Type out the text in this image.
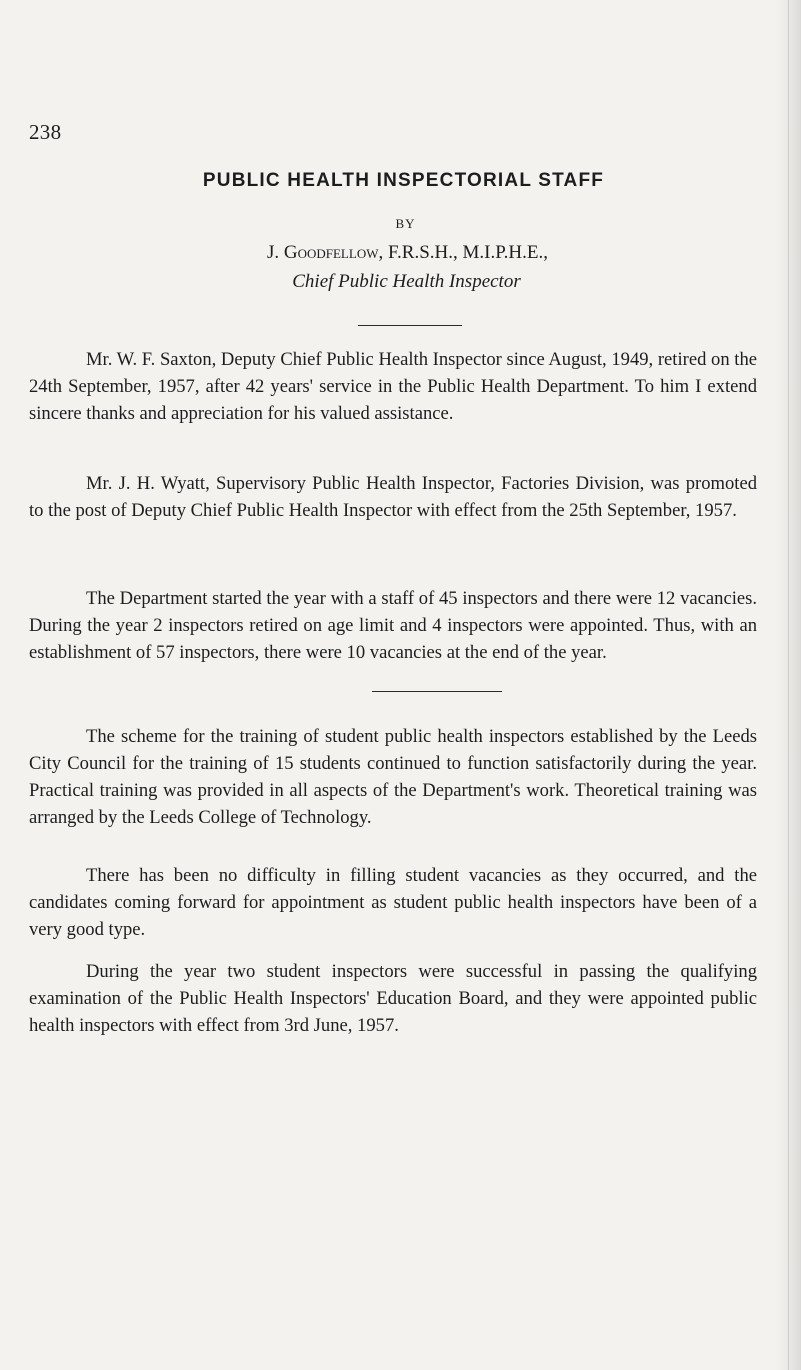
238
PUBLIC HEALTH INSPECTORIAL STAFF
BY
J. Goodfellow, F.R.S.H., M.I.P.H.E.,
Chief Public Health Inspector

Mr. W. F. Saxton, Deputy Chief Public Health Inspector since August, 1949, retired on the 24th September, 1957, after 42 years' service in the Public Health Department. To him I extend sincere thanks and appreciation for his valued assistance.

Mr. J. H. Wyatt, Supervisory Public Health Inspector, Factories Division, was promoted to the post of Deputy Chief Public Health Inspector with effect from the 25th September, 1957.

The Department started the year with a staff of 45 inspectors and there were 12 vacancies. During the year 2 inspectors retired on age limit and 4 inspectors were appointed. Thus, with an establishment of 57 inspectors, there were 10 vacancies at the end of the year.

The scheme for the training of student public health inspectors established by the Leeds City Council for the training of 15 students continued to function satisfactorily during the year. Practical training was provided in all aspects of the Department's work. Theoretical training was arranged by the Leeds College of Technology.

There has been no difficulty in filling student vacancies as they occurred, and the candidates coming forward for appointment as student public health inspectors have been of a very good type.

During the year two student inspectors were successful in passing the qualifying examination of the Public Health Inspectors' Education Board, and they were appointed public health inspectors with effect from 3rd June, 1957.
